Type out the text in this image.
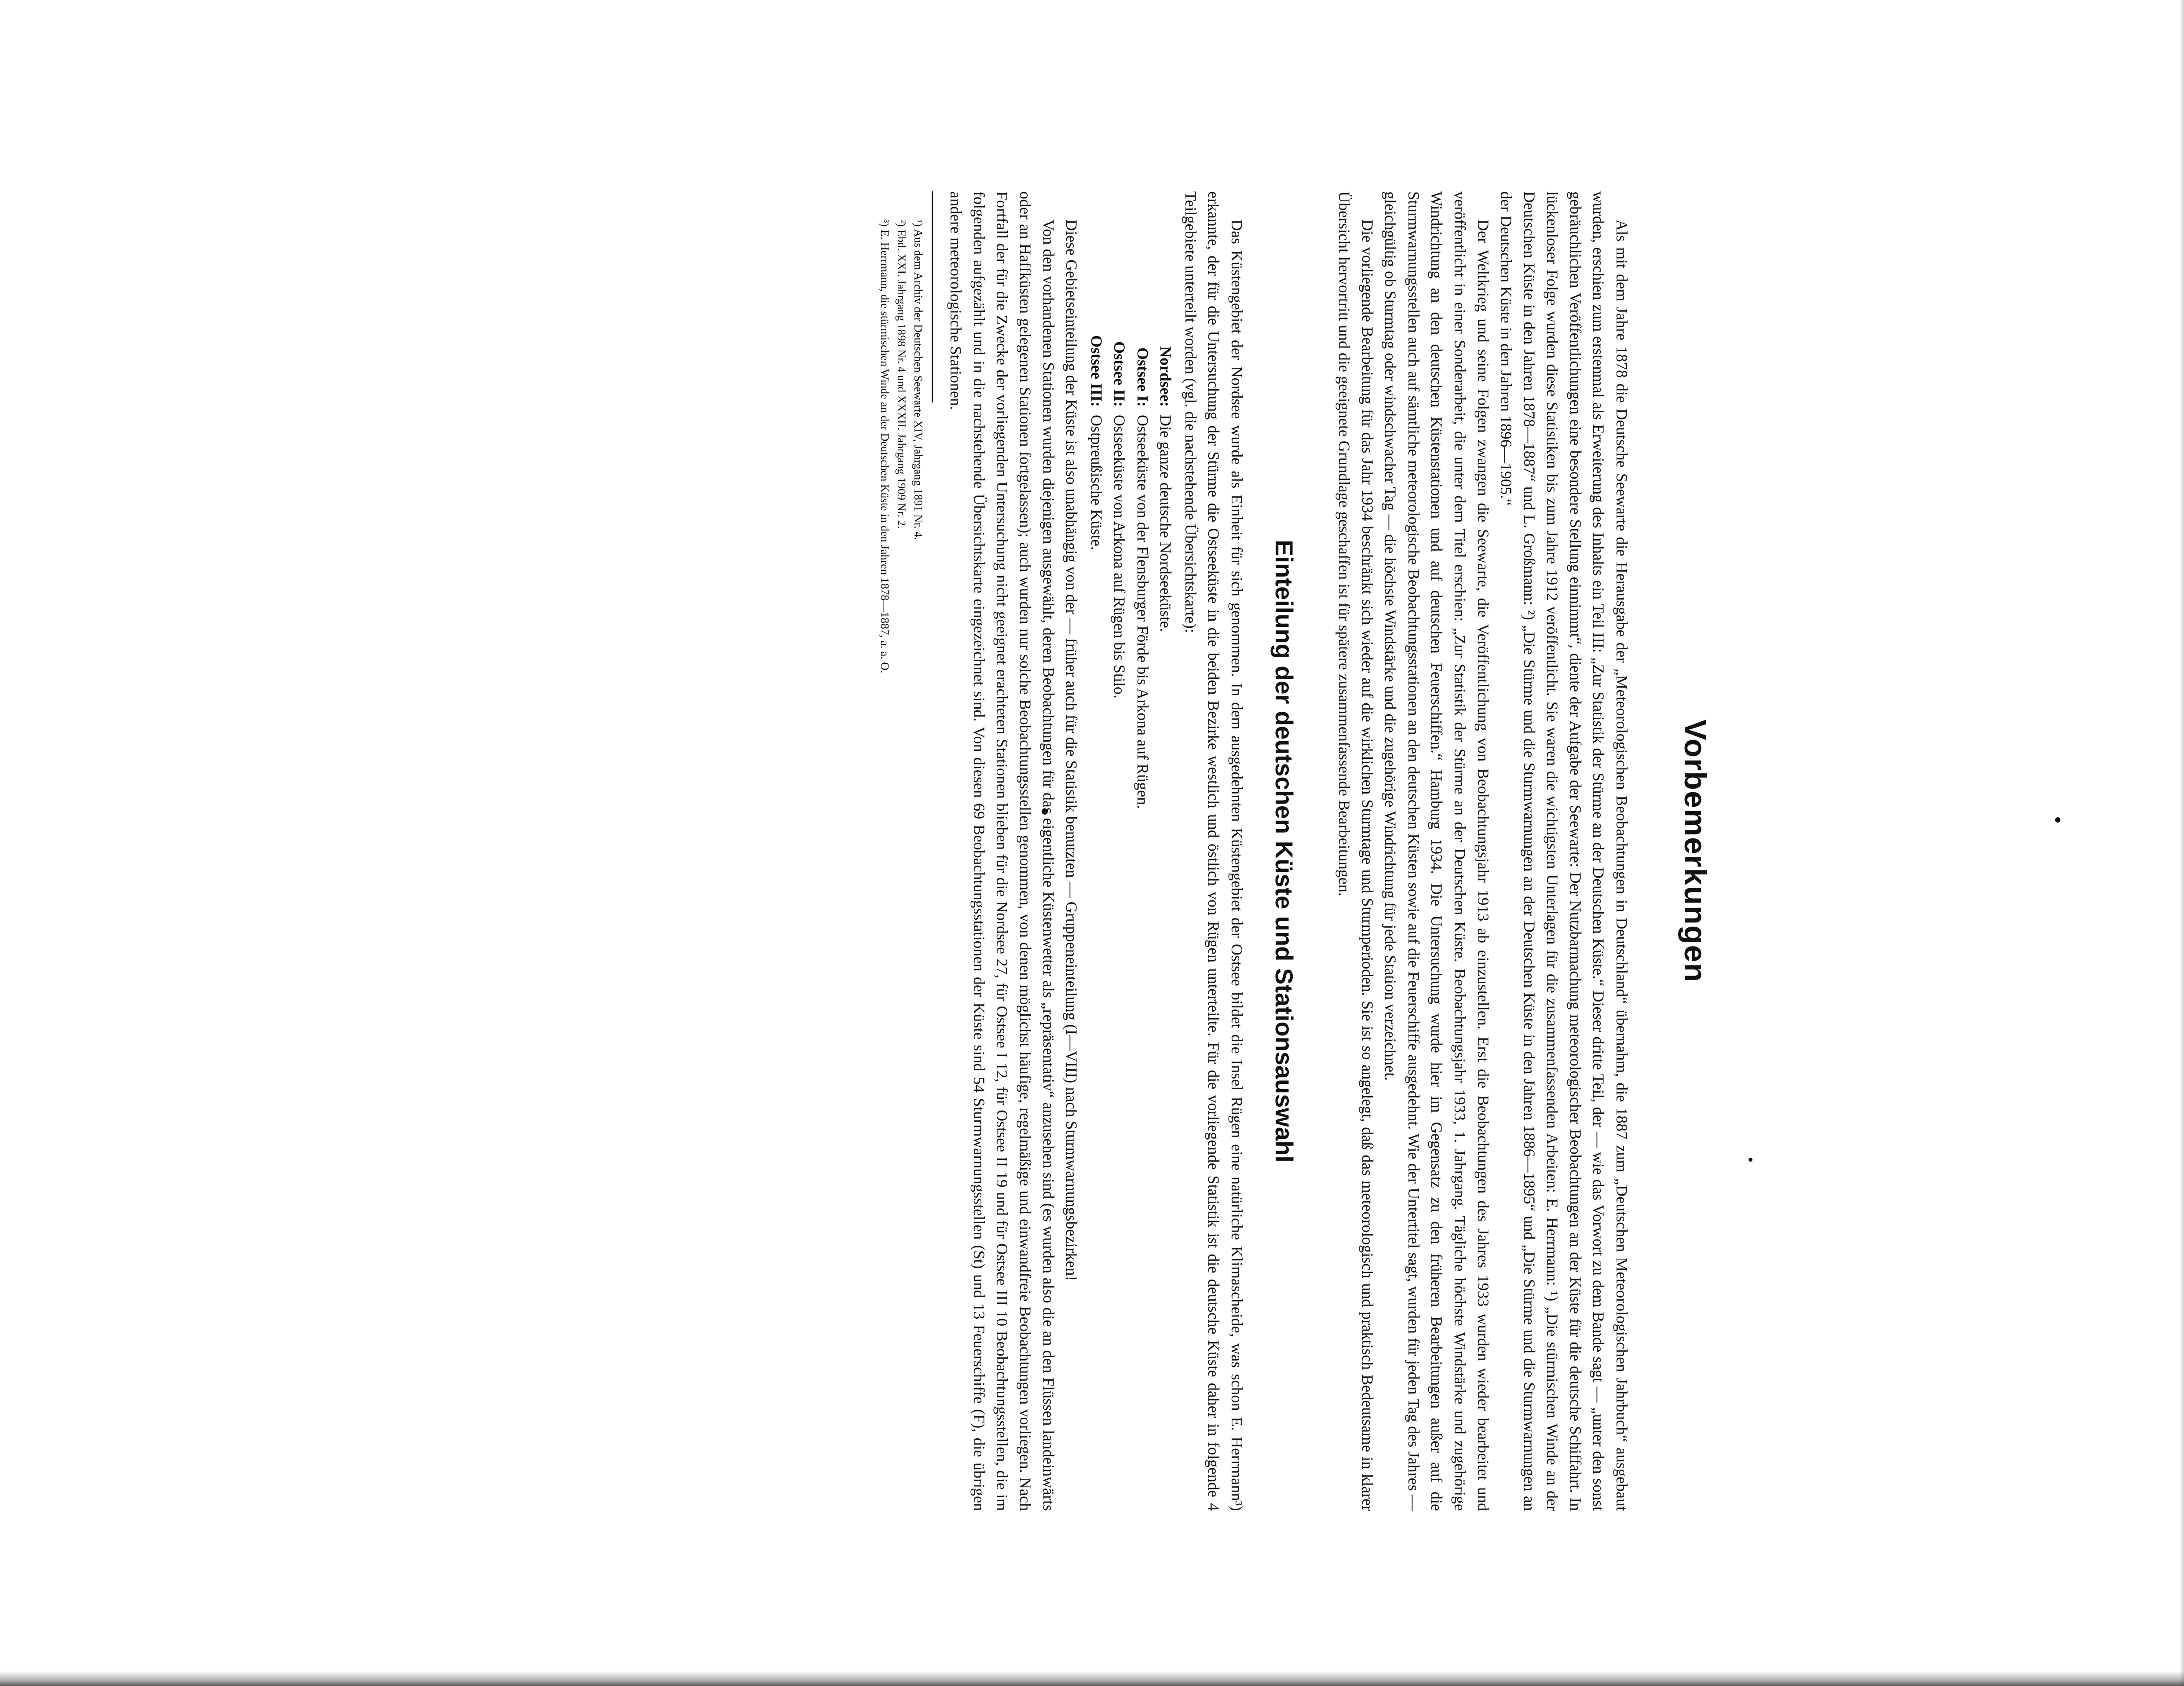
Vorbemerkungen

Als mit dem Jahre 1878 die Deutsche Seewarte die Herausgabe der „Meteorologischen Beobachtungen in Deutschland“ übernahm, die 1887 zum „Deutschen Meteorologischen Jahrbuch“ ausgebaut wurden, erschien zum erstenmal als Erweiterung des Inhalts ein Teil III: „Zur Statistik der Stürme an der Deutschen Küste.“ Dieser dritte Teil, der — wie das Vorwort zu dem Bande sagt — „unter den sonst gebräuchlichen Veröffentlichungen eine besondere Stellung einnimmt“, diente der Aufgabe der Seewarte: Der Nutzbarmachung meteorologischer Beobachtungen an der Küste für die deutsche Schiffahrt. In lückenloser Folge wurden diese Statistiken bis zum Jahre 1912 veröffentlicht. Sie waren die wichtigsten Unterlagen für die zusammenfassenden Arbeiten: E. Herrmann: ¹) „Die stürmischen Winde an der Deutschen Küste in den Jahren 1878—1887“ und L. Großmann: ²) „Die Stürme und die Sturmwarnungen an der Deutschen Küste in den Jahren 1886—1895“ und „Die Stürme und die Sturmwarnungen an der Deutschen Küste in den Jahren 1896—1905.“

Der Weltkrieg und seine Folgen zwangen die Seewarte, die Veröffentlichung von Beobachtungsjahr 1913 ab einzustellen. Erst die Beobachtungen des Jahres 1933 wurden wieder bearbeitet und veröffentlicht in einer Sonderarbeit, die unter dem Titel erschien: „Zur Statistik der Stürme an der Deutschen Küste. Beobachtungsjahr 1933, 1. Jahrgang. Tägliche höchste Windstärke und zugehörige Windrichtung an den deutschen Küstenstationen und auf deutschen Feuerschiffen.“ Hamburg 1934. Die Untersuchung wurde hier im Gegensatz zu den früheren Bearbeitungen außer auf die Sturmwarnungsstellen auch auf sämtliche meteorologische Beobachtungsstationen an den deutschen Küsten sowie auf die Feuerschiffe ausgedehnt. Wie der Untertitel sagt, wurden für jeden Tag des Jahres — gleichgültig ob Sturmtag oder windschwacher Tag — die höchste Windstärke und die zugehörige Windrichtung für jede Station verzeichnet.

Die vorliegende Bearbeitung für das Jahr 1934 beschränkt sich wieder auf die wirklichen Sturmtage und Sturmperioden. Sie ist so angelegt, daß das meteorologisch und praktisch Bedeutsame in klarer Übersicht hervortritt und die geeignete Grundlage geschaffen ist für spätere zusammenfassende Bearbeitungen.

Einteilung der deutschen Küste und Stationsauswahl

Das Küstengebiet der Nordsee wurde als Einheit für sich genommen. In dem ausgedehnten Küstengebiet der Ostsee bildet die Insel Rügen eine natürliche Klimascheide, was schon E. Herrmann³) erkannte, der für die Untersuchung der Stürme die Ostseeküste in die beiden Bezirke westlich und östlich von Rügen unterteilte. Für die vorliegende Statistik ist die deutsche Küste daher in folgende 4 Teilgebiete unterteilt worden (vgl. die nachstehende Übersichtskarte):

Nordsee:
Die ganze deutsche Nordseeküste.
Ostsee I:
Ostseeküste von der Flensburger Förde bis Arkona auf Rügen.
Ostsee II:
Ostseeküste von Arkona auf Rügen bis Stilo.
Ostsee III:
Ostpreußische Küste.

Diese Gebietseinteilung der Küste ist also unabhängig von der — früher auch für die Statistik benutzten — Gruppeneinteilung (I—VIII) nach Sturmwarnungsbezirken!

Von den vorhandenen Stationen wurden diejenigen ausgewählt, deren Beobachtungen für das eigentliche Küstenwetter als „repräsentativ“ anzusehen sind (es wurden also die an den Flüssen landeinwärts oder an Haffküsten gelegenen Stationen fortgelassen); auch wurden nur solche Beobachtungsstellen genommen, von denen möglichst häufige, regelmäßige und einwandfreie Beobachtungen vorliegen. Nach Fortfall der für die Zwecke der vorliegenden Untersuchung nicht geeignet erachteten Stationen blieben für die Nordsee 27, für Ostsee I 12, für Ostsee II 19 und für Ostsee III 10 Beobachtungsstellen, die im folgenden aufgezählt und in die nachstehende Übersichtskarte eingezeichnet sind. Von diesen 69 Beobachtungsstationen der Küste sind 54 Sturmwarnungsstellen (St) und 13 Feuerschiffe (F), die übrigen andere meteorologische Stationen.

¹) Aus dem Archiv der Deutschen Seewarte XIV, Jahrgang 1891 Nr. 4.
²) Ebd. XXI. Jahrgang 1898 Nr. 4 und XXXII. Jahrgang 1909 Nr. 2.
³) E. Herrmann, die stürmischen Winde an der Deutschen Küste in den Jahren 1878—1887, a. a. O.
